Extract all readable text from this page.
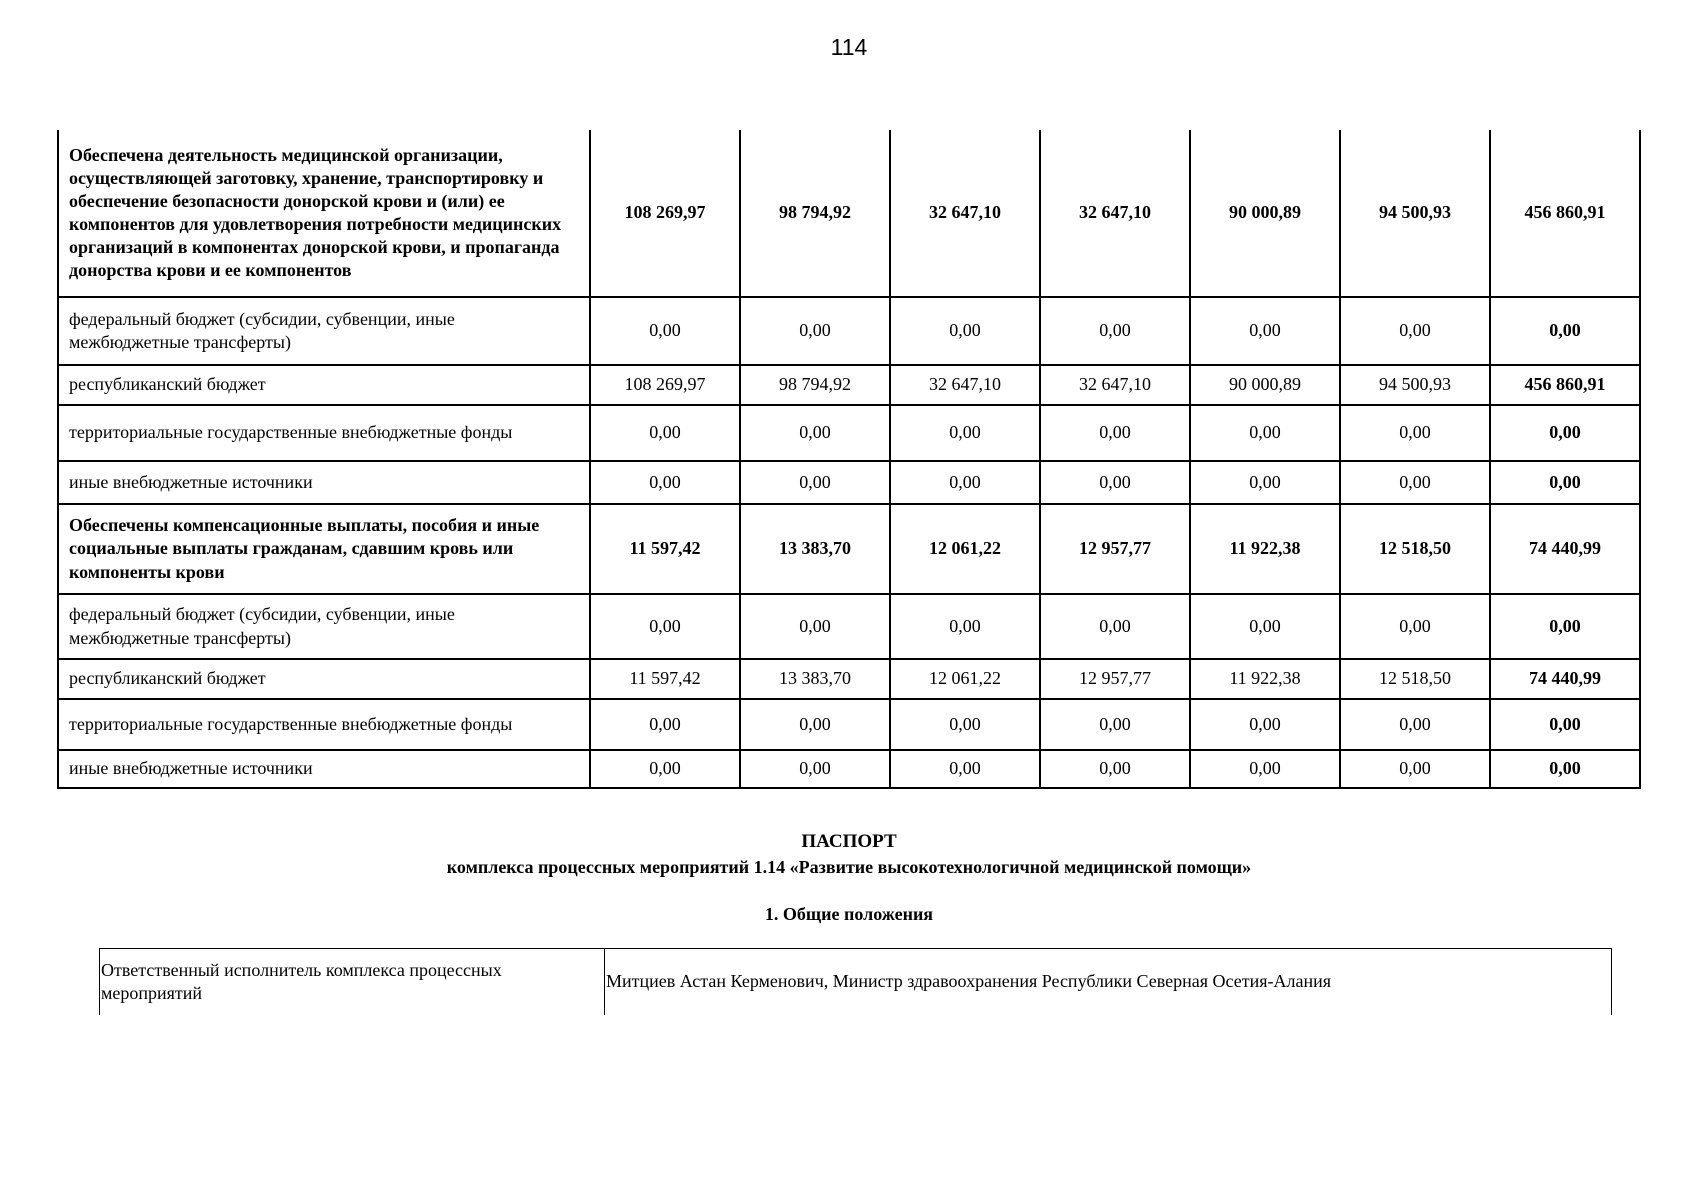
114
Обеспечена деятельность медицинской организации, осуществляющей заготовку, хранение, транспортировку и обеспечение безопасности донорской крови и (или) ее компонентов для удовлетворения потребности медицинских организаций в компонентах донорской крови, и пропаганда донорства крови и ее компонентов	108 269,97	98 794,92	32 647,10	32 647,10	90 000,89	94 500,93	456 860,91
федеральный бюджет (субсидии, субвенции, иные межбюджетные трансферты)	0,00	0,00	0,00	0,00	0,00	0,00	0,00
республиканский бюджет	108 269,97	98 794,92	32 647,10	32 647,10	90 000,89	94 500,93	456 860,91
территориальные государственные внебюджетные фонды	0,00	0,00	0,00	0,00	0,00	0,00	0,00
иные внебюджетные источники	0,00	0,00	0,00	0,00	0,00	0,00	0,00
Обеспечены компенсационные выплаты, пособия и иные социальные выплаты гражданам, сдавшим кровь или компоненты крови	11 597,42	13 383,70	12 061,22	12 957,77	11 922,38	12 518,50	74 440,99
федеральный бюджет (субсидии, субвенции, иные межбюджетные трансферты)	0,00	0,00	0,00	0,00	0,00	0,00	0,00
республиканский бюджет	11 597,42	13 383,70	12 061,22	12 957,77	11 922,38	12 518,50	74 440,99
территориальные государственные внебюджетные фонды	0,00	0,00	0,00	0,00	0,00	0,00	0,00
иные внебюджетные источники	0,00	0,00	0,00	0,00	0,00	0,00	0,00
ПАСПОРТ
комплекса процессных мероприятий 1.14 «Развитие высокотехнологичной медицинской помощи»
1. Общие положения
Ответственный исполнитель комплекса процессных мероприятий	Митциев Астан Керменович, Министр здравоохранения Республики Северная Осетия-Алания
